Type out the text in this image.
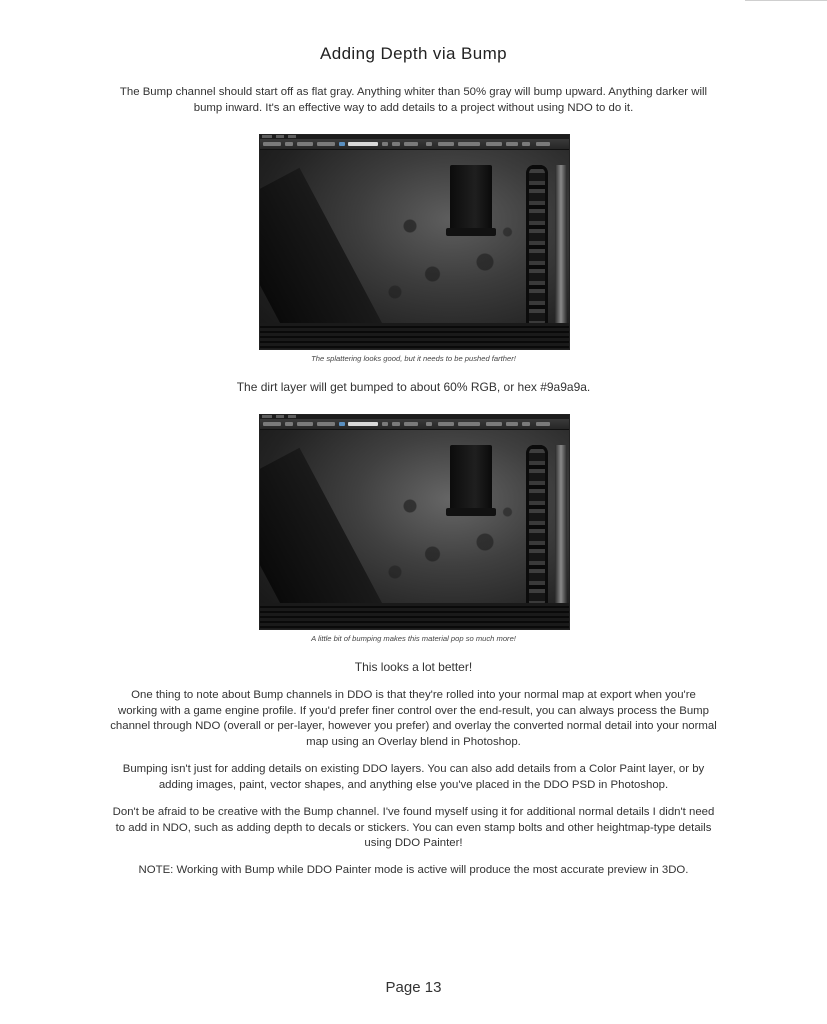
Adding Depth via Bump

The Bump channel should start off as flat gray. Anything whiter than 50% gray will bump upward. Anything darker will bump inward. It's an effective way to add details to a project without using NDO to do it.

The splattering looks good, but it needs to be pushed farther!

The dirt layer will get bumped to about 60% RGB, or hex #9a9a9a.

A little bit of bumping makes this material pop so much more!

This looks a lot better!

One thing to note about Bump channels in DDO is that they're rolled into your normal map at export when you're working with a game engine profile. If you'd prefer finer control over the end-result, you can always process the Bump channel through NDO (overall or per-layer, however you prefer) and overlay the converted normal detail into your normal map using an Overlay blend in Photoshop.

Bumping isn't just for adding details on existing DDO layers. You can also add details from a Color Paint layer, or by adding images, paint, vector shapes, and anything else you've placed in the DDO PSD in Photoshop.

Don't be afraid to be creative with the Bump channel. I've found myself using it for additional normal details I didn't need to add in NDO, such as adding depth to decals or stickers. You can even stamp bolts and other heightmap-type details using DDO Painter!

NOTE: Working with Bump while DDO Painter mode is active will produce the most accurate preview in 3DO.

Page 13
